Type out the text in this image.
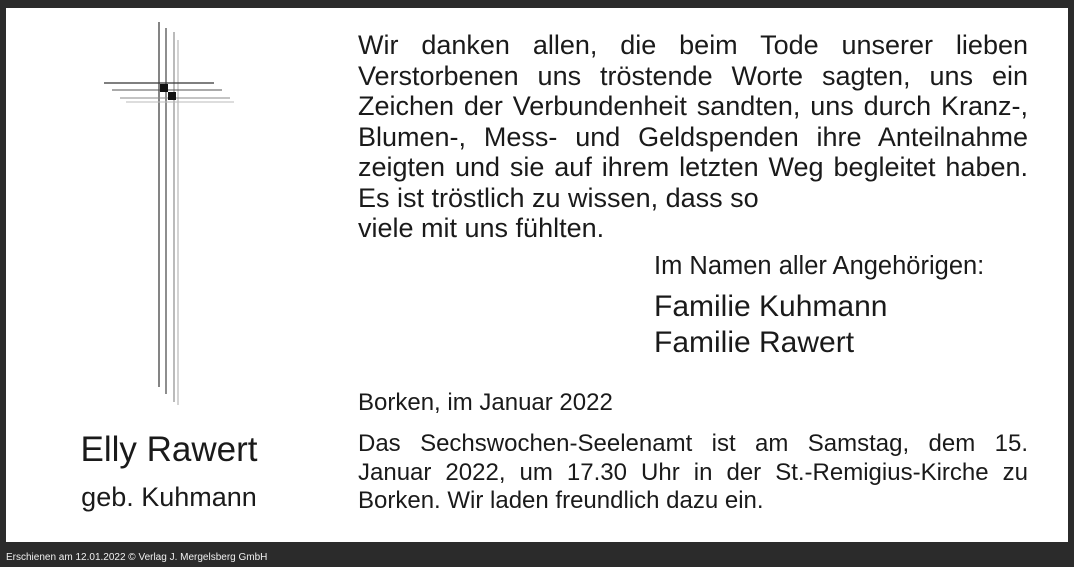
Elly Rawert
geb. Kuhmann
Wir danken allen, die beim Tode unserer lieben Verstorbenen uns tröstende Worte sagten, uns ein Zeichen der Verbundenheit sandten, uns durch Kranz-, Blumen-, Mess- und Geldspenden ihre Anteilnahme zeigten und sie auf ihrem letzten Weg begleitet haben. Es ist tröstlich zu wissen, dass so
viele mit uns fühlten.
Im Namen aller Angehörigen:
Familie Kuhmann
Familie Rawert
Borken, im Januar 2022
Das Sechswochen-Seelenamt ist am Samstag, dem 15. Januar 2022, um 17.30 Uhr in der St.-Remigius-Kirche zu Borken. Wir laden freundlich dazu ein.
Erschienen am 12.01.2022 © Verlag J. Mergelsberg GmbH
